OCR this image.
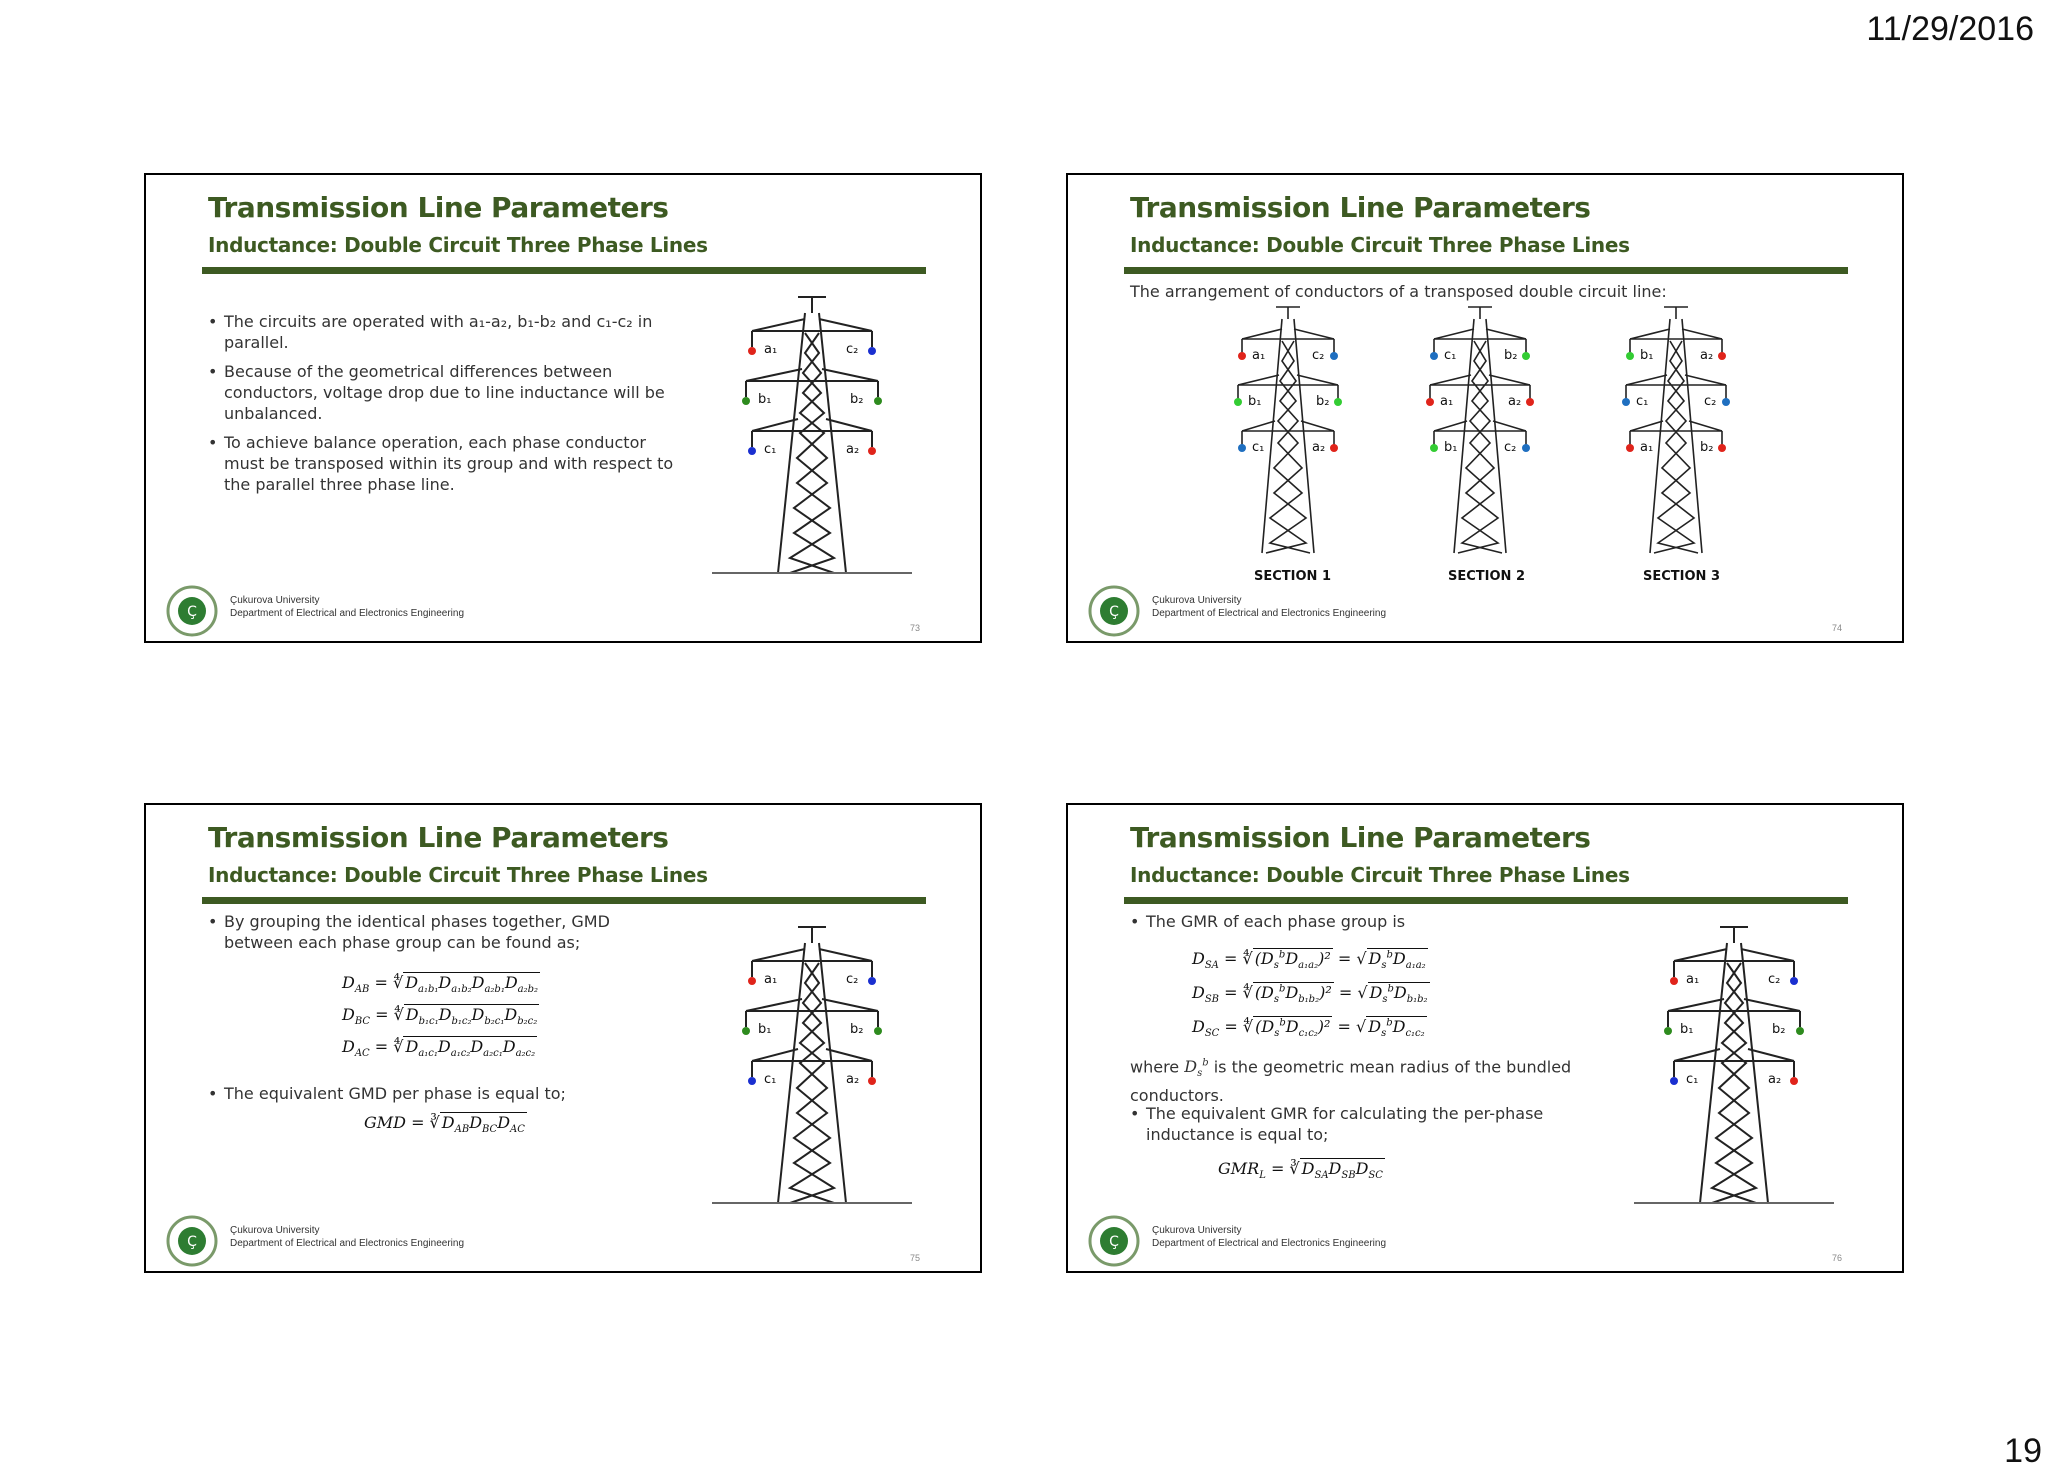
11/29/2016
Transmission Line Parameters
Inductance: Double Circuit Three Phase Lines
• The circuits are operated with a₁-a₂, b₁-b₂ and c₁-c₂ in parallel.
• Because of the geometrical differences between conductors, voltage drop due to line inductance will be unbalanced.
• To achieve balance operation, each phase conductor must be transposed within its group and with respect to the parallel three phase line.
a₁	c₂
b₁	b₂
c₁	a₂
Ç
Çukurova University
Department of Electrical and Electronics Engineering
73
Transmission Line Parameters
Inductance: Double Circuit Three Phase Lines
The arrangement of conductors of a transposed double circuit line:
a₁	c₂
b₁	b₂
c₁	a₂
c₁	b₂
a₁	a₂
b₁	c₂
b₁	a₂
c₁	c₂
a₁	b₂
SECTION 1	SECTION 2	SECTION 3
Ç
Çukurova University
Department of Electrical and Electronics Engineering
74
Transmission Line Parameters
Inductance: Double Circuit Three Phase Lines
• By grouping the identical phases together, GMD between each phase group can be found as;
$D_{AB}$ = ∜ $D_{a_1b_1}D_{a_1b_2}D_{a_2b_1}D_{a_2b_2}$
$D_{BC}$ = ∜ $D_{b_1c_1}D_{b_1c_2}D_{b_2c_1}D_{b_2c_2}$
$D_{AC}$ = ∜ $D_{a_1c_1}D_{a_1c_2}D_{a_2c_1}D_{a_2c_2}$
• The equivalent GMD per phase is equal to;
GMD = ∛ $D_{AB}D_{BC}D_{AC}$
a₁	c₂
b₁	b₂
c₁	a₂
Ç
Çukurova University
Department of Electrical and Electronics Engineering
75
Transmission Line Parameters
Inductance: Double Circuit Three Phase Lines
• The GMR of each phase group is
$D_{SA}$ = ∜ $(D_s^bD_{a_1a_2})^2$ = √ $D_s^bD_{a_1a_2}$
$D_{SB}$ = ∜ $(D_s^bD_{b_1b_2})^2$ = √ $D_s^bD_{b_1b_2}$
$D_{SC}$ = ∜ $(D_s^bD_{c_1c_2})^2$ = √ $D_s^bD_{c_1c_2}$
where $D_s^b$ is the geometric mean radius of the bundled conductors.
• The equivalent GMR for calculating the per-phase inductance is equal to;
$GMR_L$ = ∛ $D_{SA}D_{SB}D_{SC}$
a₁	c₂
b₁	b₂
c₁	a₂
Ç
Çukurova University
Department of Electrical and Electronics Engineering
76
19
